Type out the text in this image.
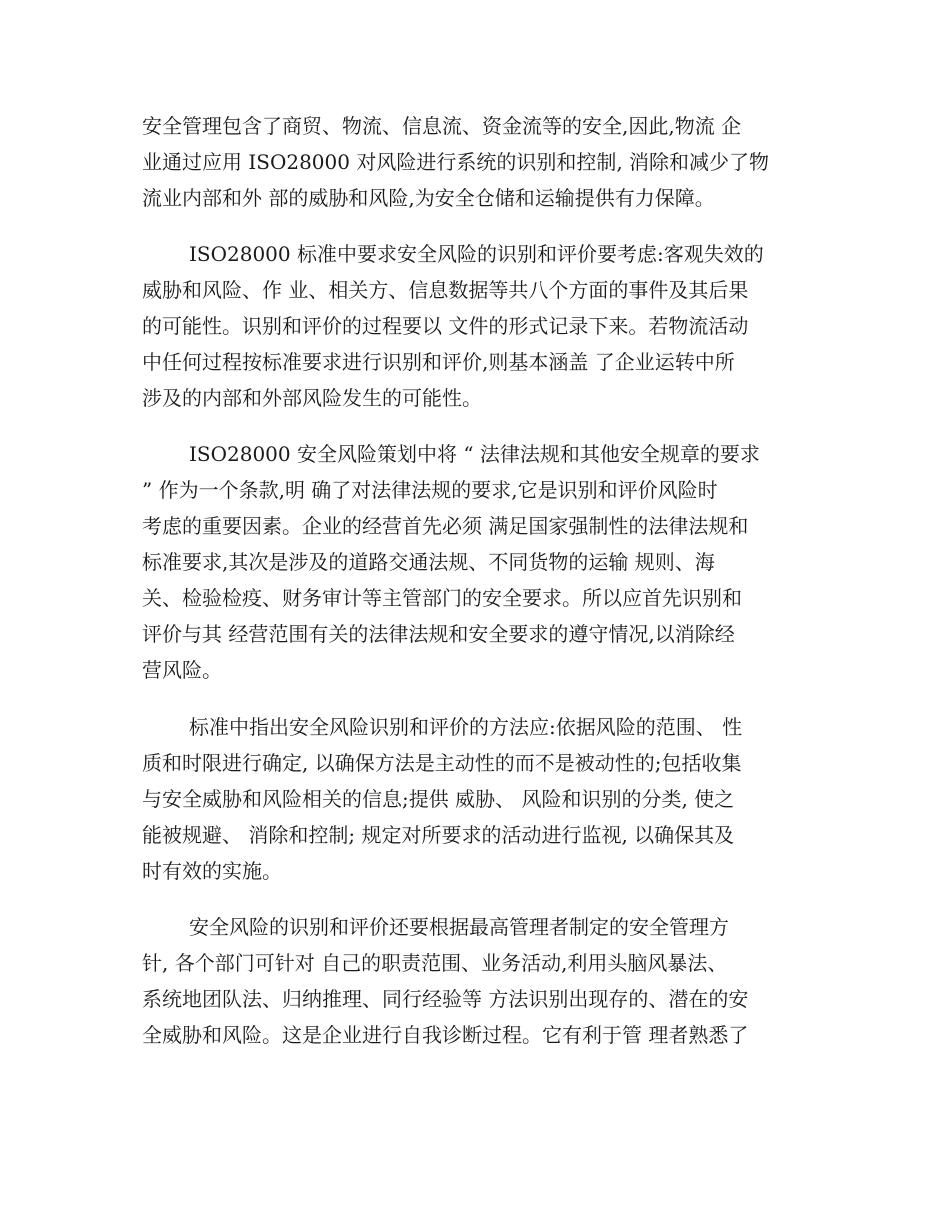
安全管理包含了商贸、物流、信息流、资金流等的安全,因此,物流 企

业通过应用 ISO28000 对风险进行系统的识别和控制, 消除和减少了物

流业内部和外 部的威胁和风险,为安全仓储和运输提供有力保障。

ISO28000 标准中要求安全风险的识别和评价要考虑:客观失效的

威胁和风险、作 业、相关方、信息数据等共八个方面的事件及其后果

的可能性。识别和评价的过程要以 文件的形式记录下来。若物流活动

中任何过程按标准要求进行识别和评价,则基本涵盖 了企业运转中所

涉及的内部和外部风险发生的可能性。

ISO28000 安全风险策划中将 “ 法律法规和其他安全规章的要求

” 作为一个条款,明 确了对法律法规的要求,它是识别和评价风险时

考虑的重要因素。企业的经营首先必须 满足国家强制性的法律法规和

标准要求,其次是涉及的道路交通法规、不同货物的运输 规则、海

关、检验检疫、财务审计等主管部门的安全要求。所以应首先识别和

评价与其 经营范围有关的法律法规和安全要求的遵守情况,以消除经

营风险。

标准中指出安全风险识别和评价的方法应:依据风险的范围、 性

质和时限进行确定, 以确保方法是主动性的而不是被动性的;包括收集

与安全威胁和风险相关的信息;提供 威胁、 风险和识别的分类, 使之

能被规避、 消除和控制; 规定对所要求的活动进行监视, 以确保其及

时有效的实施。

安全风险的识别和评价还要根据最高管理者制定的安全管理方

针, 各个部门可针对 自己的职责范围、业务活动,利用头脑风暴法、

系统地团队法、归纳推理、同行经验等 方法识别出现存的、潜在的安

全威胁和风险。这是企业进行自我诊断过程。它有利于管 理者熟悉了
